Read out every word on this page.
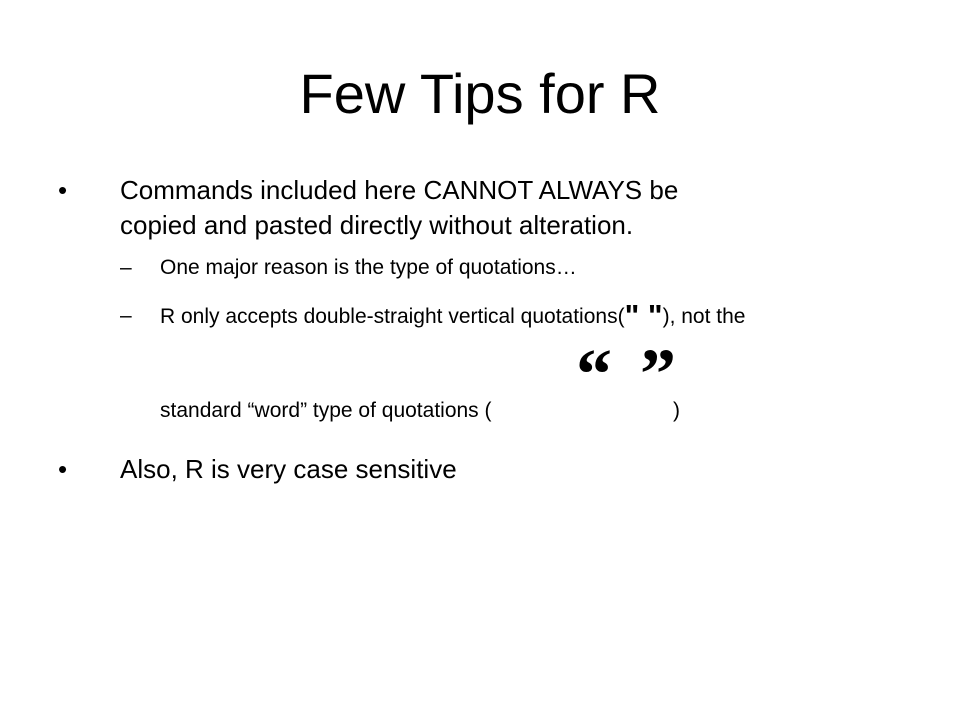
Few Tips for R
• Commands included here CANNOT ALWAYS be
copied and pasted directly without alteration.
– One major reason is the type of quotations…
– R only accepts double-straight vertical quotations(" "), not the
“ ”
standard “word” type of quotations (	)
• Also, R is very case sensitive
